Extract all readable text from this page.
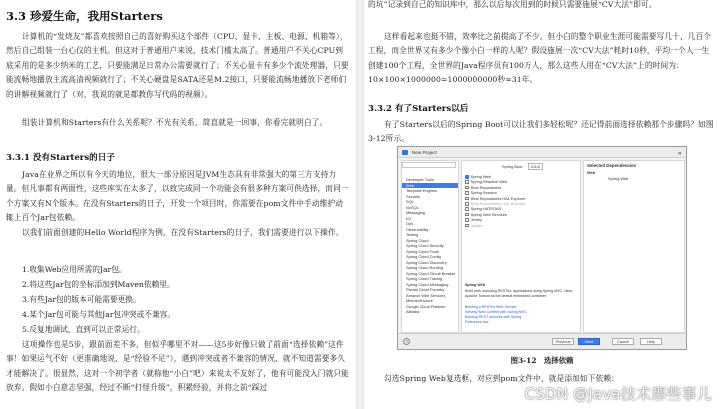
3.3 珍爱生命，我用Starters
计算机的“发烧友”都喜欢按照自己的喜好购买这个部件（CPU、显卡、主板、电源、机箱等），然后自己组装一台心仪的主机。但这对于普通用户来说，技术门槛太高了。普通用户不关心CPU到底采用的是多少纳米的工艺，只要能满足日常办公需要就行了；不关心显卡有多少个流处理器，只要能流畅地播放主流高清视频就行了；不关心硬盘是SATA还是M.2接口，只要能流畅地播放下老师们的讲解视频就行了（对，我说的就是都教你写代码的视频）。
组装计算机和Starters有什么关系呢？不光有关系，简直就是一回事，你看完就明白了。
3.3.1 没有Starters的日子
Java在业界之所以有今天的地位，很大一部分原因是JVM生态具有非常强大的第三方支持力量。但凡事都有两面性，这些库实在太多了，以致完成同一个功能会有很多种方案可供选择，而同一个方案又有N个版本。在没有Starters的日子，开发一个项目时，你需要在pom文件中手动维护动辄上百个Jar包依赖。
以我们前面创建的Hello World程序为例，在没有Starters的日子，我们需要进行以下操作。
1.收集Web应用所需的Jar包。
2.将这些Jar包的坐标添加到Maven依赖里。
3.有些Jar包的版本可能需要更换。
4.某个Jar包可能与其他Jar包冲突或不兼容。
5.反复地调试，直到可以正常运行。
这项操作也是5步，跟前面差不多，但似乎哪里不对——这5步好像只做了前面“选择依赖”这件事！如果运气不好（更准确地说，是“经验不足”），遇到冲突或者不兼容的情况，就不知道需要多久才能解决了。很显然，这对一个初学者（就称他“小白”吧）来说太不友好了，他有可能没入门就只能放弃。假如小白意志坚强，经过不断“打怪升级”，积累经验，并将之前“踩过
的坑”记录到自己的知识库中，那么以后每次用到的时候只需要施展“CV大法”即可。
这样看起来也挺不错，效率比之前提高了不少。但小白的整个职业生涯可能需要写几十、几百个工程，而全世界又有多少个像小白一样的人呢？假设施展一次“CV大法”耗时10秒，平均一个人一生创建100个工程，全世界的Java程序员有100万人，那么这些人用在“CV大法”上的时间为：10×100×1000000=1000000000秒≈31年。
3.3.2 有了Starters以后
有了Starters以后的Spring Boot可以让我们多轻松呢？还记得前面选择依赖那个步骤吗？如图3-12所示。
New Project	✕
Developer Tools
Web
Template Engines
Security
SQL
NoSQL
Messaging
I/O
Ops
Observability
Testing
Spring Cloud
Spring Cloud Security
Spring Cloud Tools
Spring Cloud Config
Spring Cloud Discovery
Spring Cloud Routing
Spring Cloud Circuit Breaker
Spring Cloud Tracing
Spring Cloud Messaging
Pivotal Cloud Foundry
Amazon Web Services
Microsoft Azure
Google Cloud Platform
Alibaba
Spring Boot	2.6.6
Spring Web
Spring Reactive Web
Rest Repositories
Spring Session
Rest Repositories HAL Explorer
Rest Repositories HAL Browser
Spring HATEOAS
Spring Web Services
Jersey
Vaadin
Spring Web
Build web, including RESTful, applications using Spring MVC. Uses Apache Tomcat as the default embedded container.
Building a RESTful Web Service
Serving Web Content with Spring MVC
Building REST services with Spring
Reference doc
Selected Dependencies
Web
Spring Web
?	Previous	Next	Cancel	Help
图3-12　选择依赖
勾选Spring Web复选框，对应到pom文件中，就是添加如下依赖：
CSDN @Java技术那些事儿
